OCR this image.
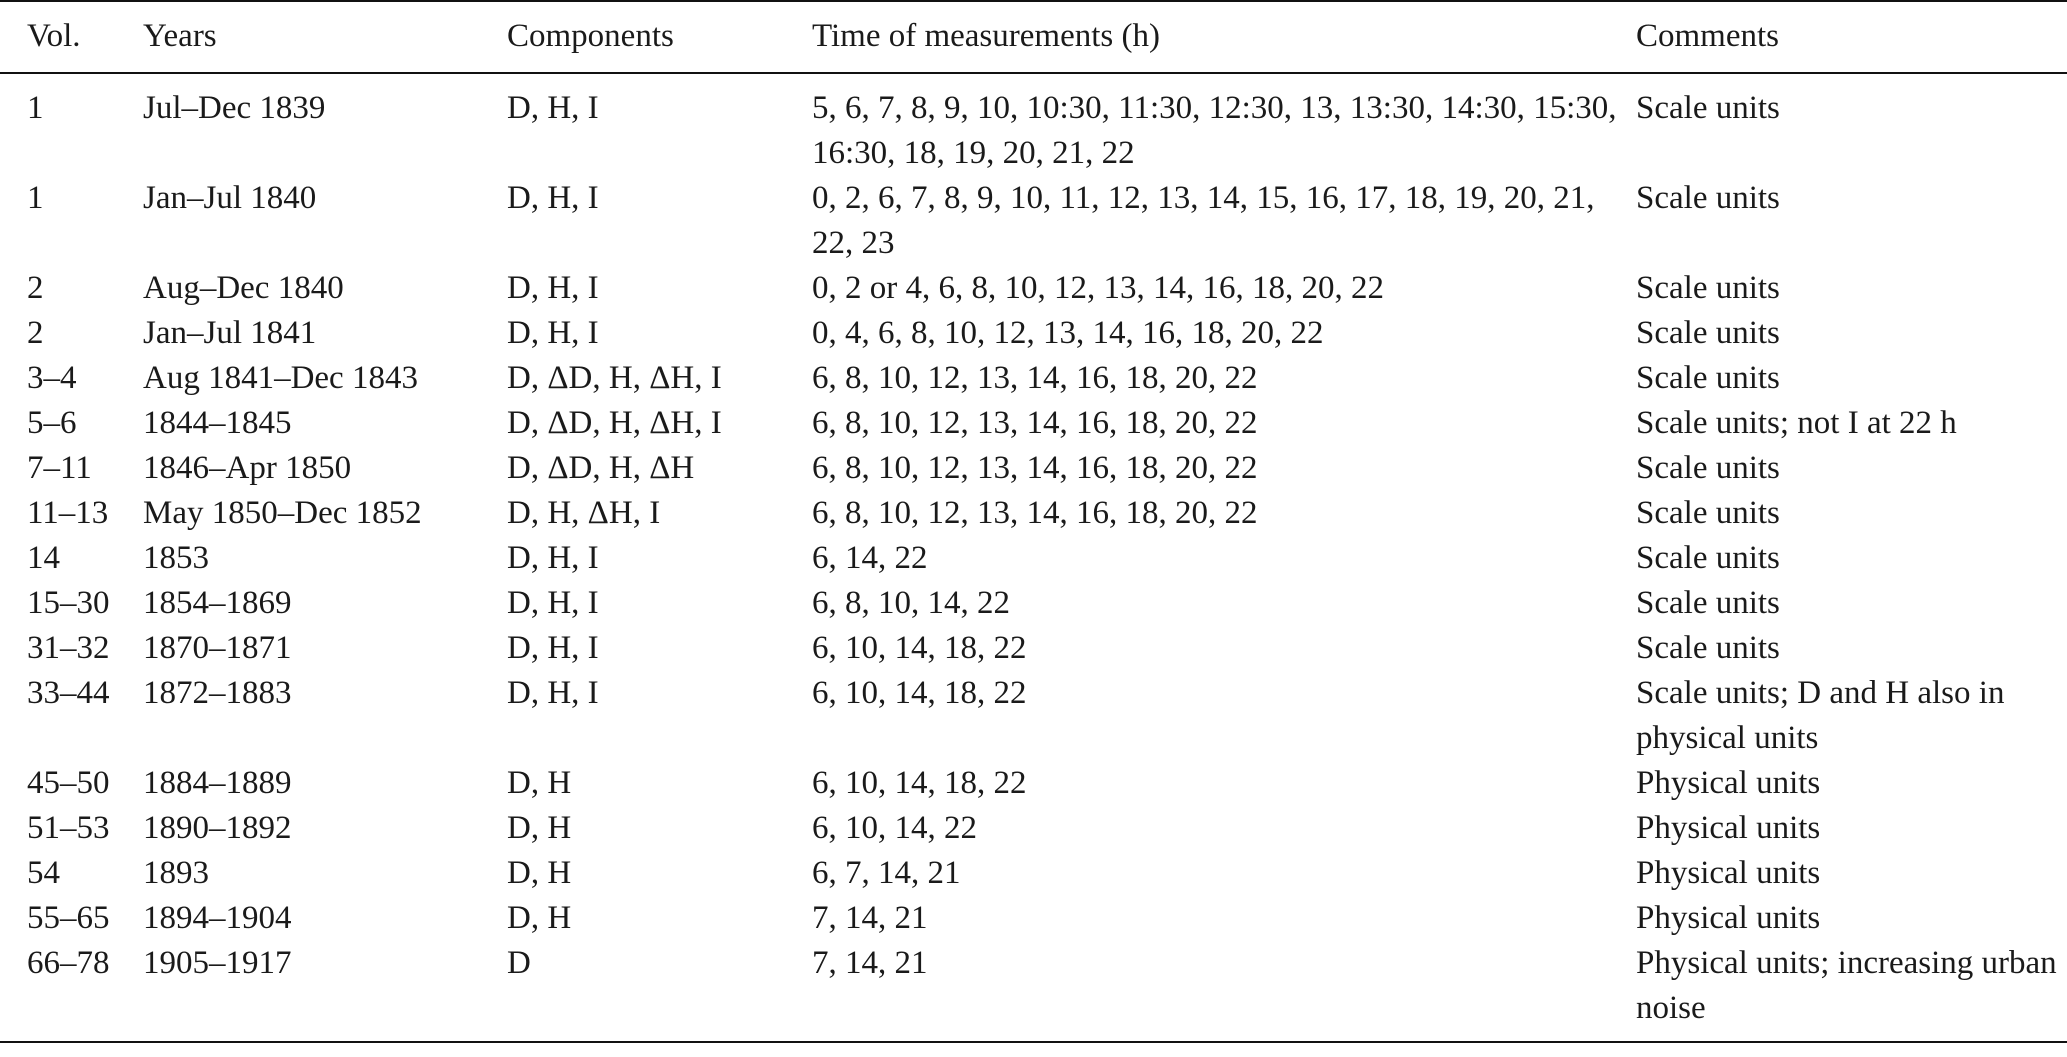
Vol.	Years	Components	Time of measurements (h)	Comments
1	Jul–Dec 1839	D, H, I	5, 6, 7, 8, 9, 10, 10:30, 11:30, 12:30, 13, 13:30, 14:30, 15:30, 16:30, 18, 19, 20, 21, 22	Scale units
1	Jan–Jul 1840	D, H, I	0, 2, 6, 7, 8, 9, 10, 11, 12, 13, 14, 15, 16, 17, 18, 19, 20, 21, 22, 23	Scale units
2	Aug–Dec 1840	D, H, I	0, 2 or 4, 6, 8, 10, 12, 13, 14, 16, 18, 20, 22	Scale units
2	Jan–Jul 1841	D, H, I	0, 4, 6, 8, 10, 12, 13, 14, 16, 18, 20, 22	Scale units
3–4	Aug 1841–Dec 1843	D, ΔD, H, ΔH, I	6, 8, 10, 12, 13, 14, 16, 18, 20, 22	Scale units
5–6	1844–1845	D, ΔD, H, ΔH, I	6, 8, 10, 12, 13, 14, 16, 18, 20, 22	Scale units; not I at 22 h
7–11	1846–Apr 1850	D, ΔD, H, ΔH	6, 8, 10, 12, 13, 14, 16, 18, 20, 22	Scale units
11–13	May 1850–Dec 1852	D, H, ΔH, I	6, 8, 10, 12, 13, 14, 16, 18, 20, 22	Scale units
14	1853	D, H, I	6, 14, 22	Scale units
15–30	1854–1869	D, H, I	6, 8, 10, 14, 22	Scale units
31–32	1870–1871	D, H, I	6, 10, 14, 18, 22	Scale units
33–44	1872–1883	D, H, I	6, 10, 14, 18, 22	Scale units; D and H also in physical units
45–50	1884–1889	D, H	6, 10, 14, 18, 22	Physical units
51–53	1890–1892	D, H	6, 10, 14, 22	Physical units
54	1893	D, H	6, 7, 14, 21	Physical units
55–65	1894–1904	D, H	7, 14, 21	Physical units
66–78	1905–1917	D	7, 14, 21	Physical units; increasing urban noise
